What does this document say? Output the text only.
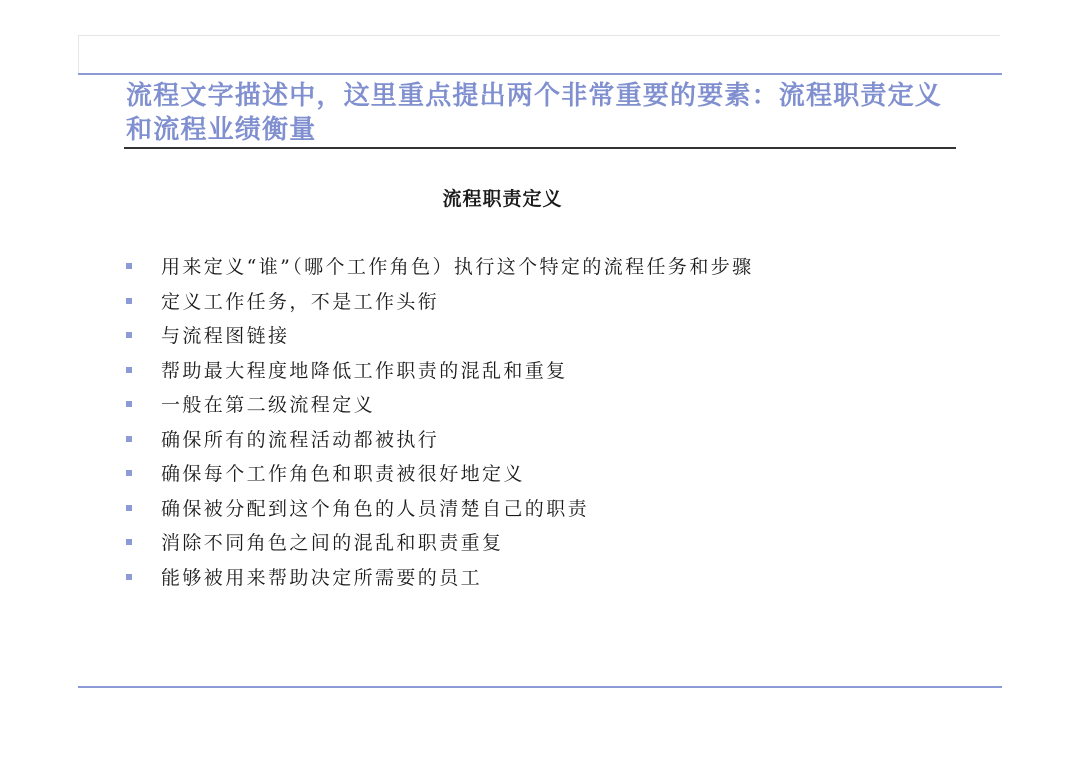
流程文字描述中，这里重点提出两个非常重要的要素：流程职责定义和流程业绩衡量
流程职责定义
用来定义“谁”（哪个工作角色）执行这个特定的流程任务和步骤
定义工作任务，不是工作头衔
与流程图链接
帮助最大程度地降低工作职责的混乱和重复
一般在第二级流程定义
确保所有的流程活动都被执行
确保每个工作角色和职责被很好地定义
确保被分配到这个角色的人员清楚自己的职责
消除不同角色之间的混乱和职责重复
能够被用来帮助决定所需要的员工
